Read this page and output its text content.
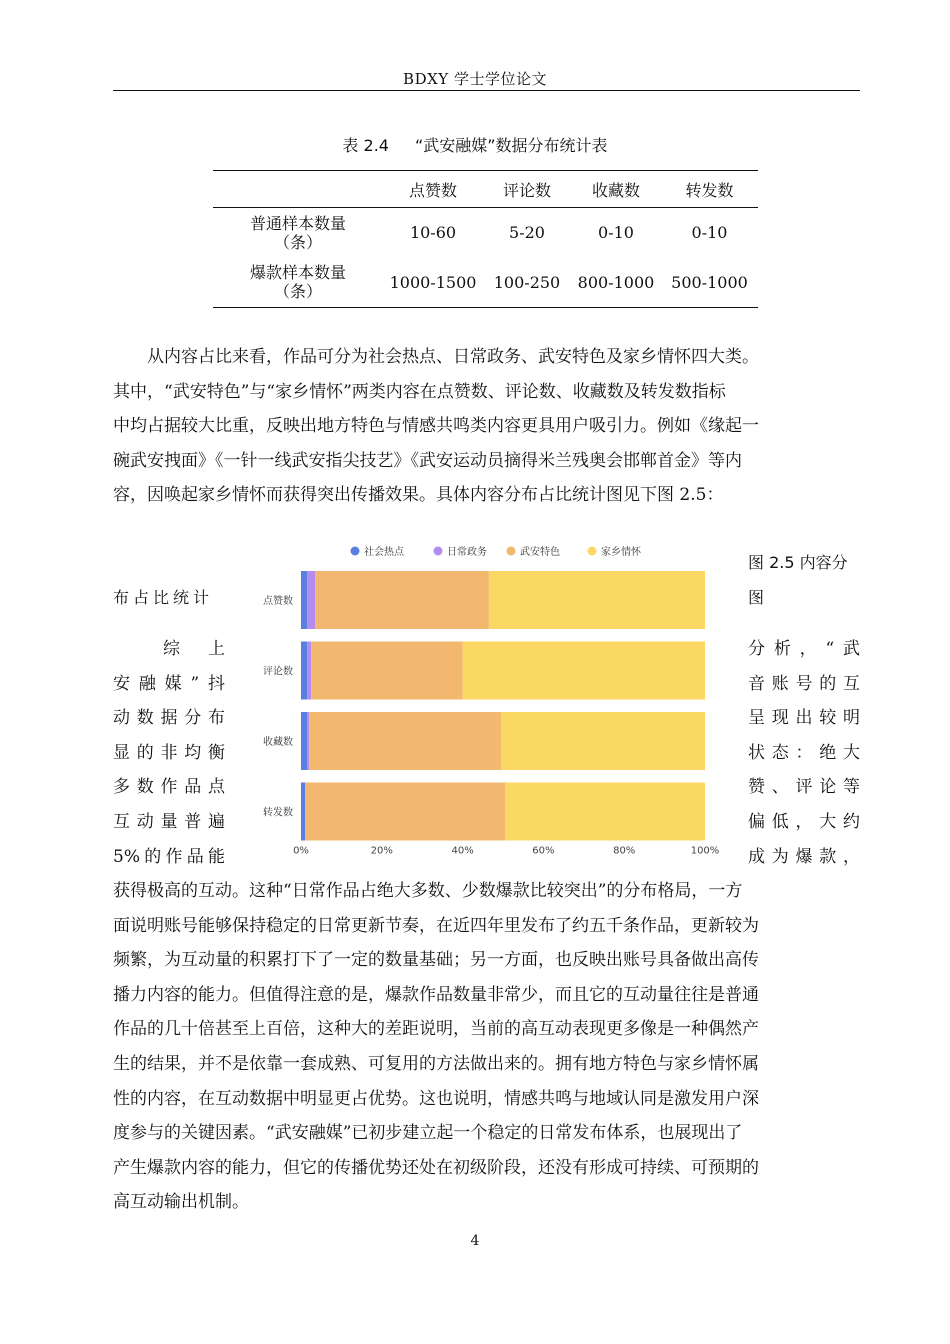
BDXY 学士学位论文
表 2.4 “武安融媒”数据分布统计表
	点赞数	评论数	收藏数	转发数
普通样本数量
（条）	10-60	5-20	0-10	0-10
爆款样本数量
（条）	1000-1500	100-250	800-1000	500-1000
　　从内容占比来看，作品可分为社会热点、日常政务、武安特色及家乡情怀四大类。
其中，“武安特色”与“家乡情怀”两类内容在点赞数、评论数、收藏数及转发数指标
中均占据较大比重，反映出地方特色与情感共鸣类内容更具用户吸引力。例如《缘起一
碗武安拽面》《一针一线武安指尖技艺》《武安运动员摘得米兰残奥会邯郸首金》等内
容，因唤起家乡情怀而获得突出传播效果。具体内容分布占比统计图见下图 2.5：
图 2.5 内容分
图
布占比统计
社会热点	日常政务	武安特色	家乡情怀
点赞数
评论数
收藏数
转发数
0%	20%	40%	60%	80%	100%
综　上
安融媒”抖
动数据分布
显的非均衡
多数作品点
互动量普遍
5%的作品能
分析，“武
音账号的互
呈现出较明
状态：绝大
赞、评论等
偏低，大约
成为爆款，
获得极高的互动。这种“日常作品占绝大多数、少数爆款比较突出”的分布格局，一方
面说明账号能够保持稳定的日常更新节奏，在近四年里发布了约五千条作品，更新较为
频繁，为互动量的积累打下了一定的数量基础；另一方面，也反映出账号具备做出高传
播力内容的能力。但值得注意的是，爆款作品数量非常少，而且它的互动量往往是普通
作品的几十倍甚至上百倍，这种大的差距说明，当前的高互动表现更多像是一种偶然产
生的结果，并不是依靠一套成熟、可复用的方法做出来的。拥有地方特色与家乡情怀属
性的内容，在互动数据中明显更占优势。这也说明，情感共鸣与地域认同是激发用户深
度参与的关键因素。“武安融媒”已初步建立起一个稳定的日常发布体系，也展现出了
产生爆款内容的能力，但它的传播优势还处在初级阶段，还没有形成可持续、可预期的
高互动输出机制。
4
